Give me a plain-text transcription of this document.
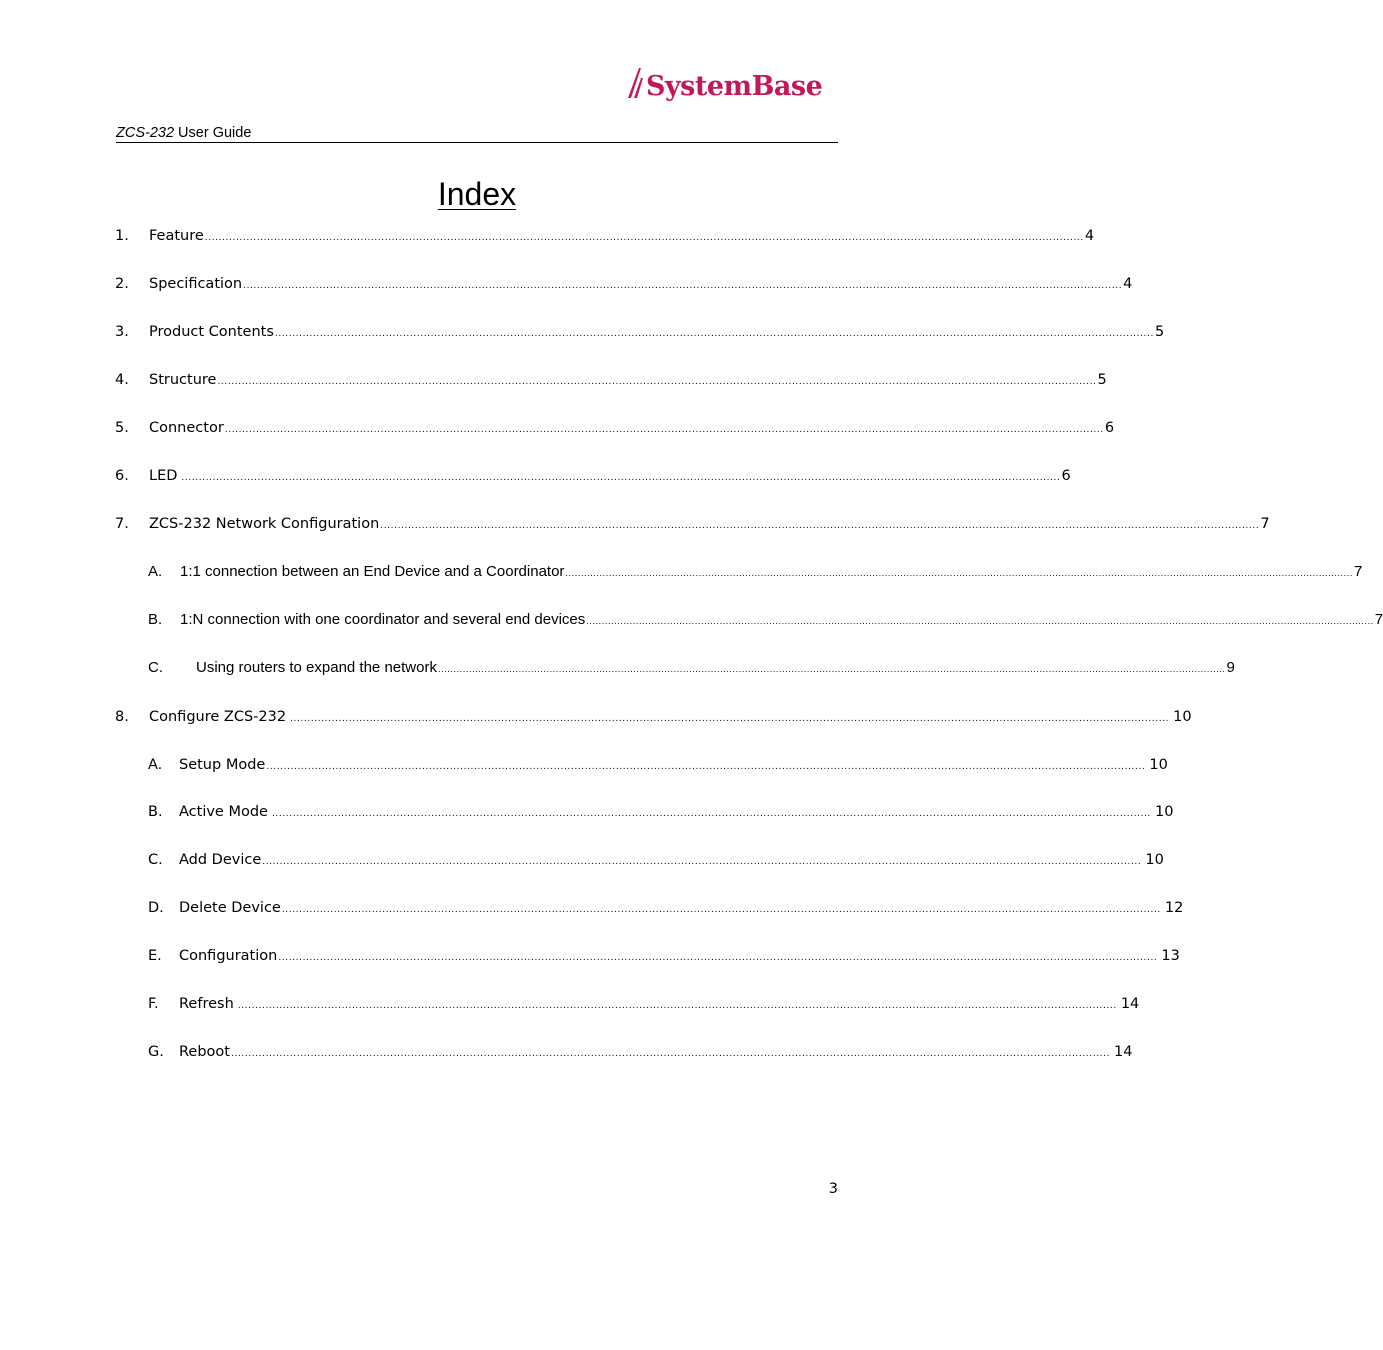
SystemBase
ZCS-232 User Guide
Index
1.	Feature .............................................................................................................................................................................................................................................................. 4
2.	Specification .............................................................................................................................................................................................................................................................. 4
3.	Product Contents .............................................................................................................................................................................................................................................................. 5
4.	Structure .............................................................................................................................................................................................................................................................. 5
5.	Connector .............................................................................................................................................................................................................................................................. 6
6.	LED .............................................................................................................................................................................................................................................................. 6
7.	ZCS-232 Network Configuration .............................................................................................................................................................................................................................................................. 7
A.	1:1 connection between an End Device and a Coordinator .............................................................................................................................................................................................................................................................. 7
B.	1:N connection with one coordinator and several end devices .............................................................................................................................................................................................................................................................. 7
C.	Using routers to expand the network .............................................................................................................................................................................................................................................................. 9
8.	Configure ZCS-232 .............................................................................................................................................................................................................................................................. 10
A.	Setup Mode .............................................................................................................................................................................................................................................................. 10
B.	Active Mode .............................................................................................................................................................................................................................................................. 10
C.	Add Device .............................................................................................................................................................................................................................................................. 10
D.	Delete Device .............................................................................................................................................................................................................................................................. 12
E.	Configuration .............................................................................................................................................................................................................................................................. 13
F.	Refresh .............................................................................................................................................................................................................................................................. 14
G.	Reboot .............................................................................................................................................................................................................................................................. 14
3
